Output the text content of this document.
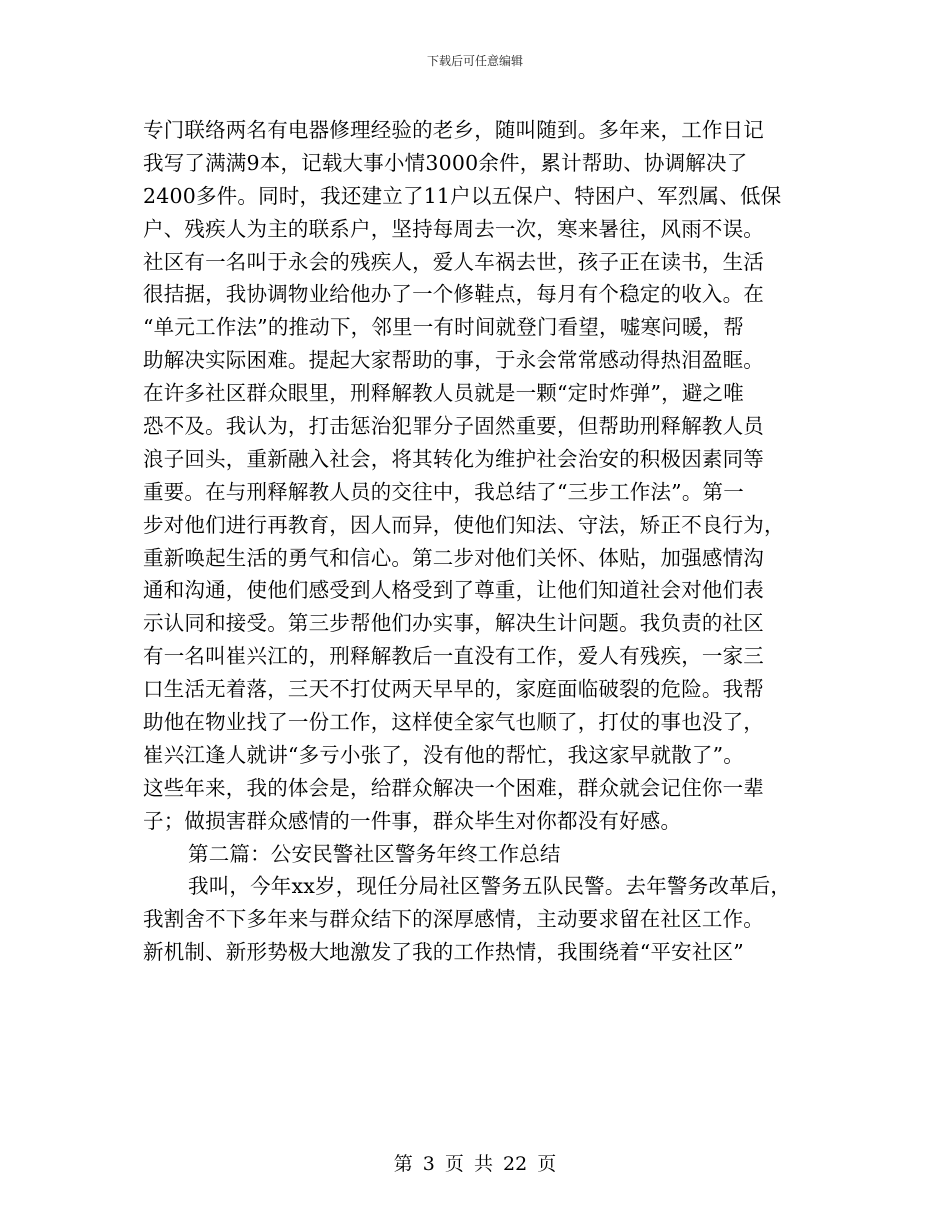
下载后可任意编辑
专门联络两名有电器修理经验的老乡，随叫随到。多年来，工作日记
我写了满满9本，记载大事小情3000余件，累计帮助、协调解决了
2400多件。同时，我还建立了11户以五保户、特困户、军烈属、低保
户、残疾人为主的联系户，坚持每周去一次，寒来暑往，风雨不误。
社区有一名叫于永会的残疾人，爱人车祸去世，孩子正在读书，生活
很拮据，我协调物业给他办了一个修鞋点，每月有个稳定的收入。在
“单元工作法”的推动下，邻里一有时间就登门看望，嘘寒问暖，帮
助解决实际困难。提起大家帮助的事，于永会常常感动得热泪盈眶。
在许多社区群众眼里，刑释解教人员就是一颗“定时炸弹”，避之唯
恐不及。我认为，打击惩治犯罪分子固然重要，但帮助刑释解教人员
浪子回头，重新融入社会，将其转化为维护社会治安的积极因素同等
重要。在与刑释解教人员的交往中，我总结了“三步工作法”。第一
步对他们进行再教育，因人而异，使他们知法、守法，矫正不良行为，
重新唤起生活的勇气和信心。第二步对他们关怀、体贴，加强感情沟
通和沟通，使他们感受到人格受到了尊重，让他们知道社会对他们表
示认同和接受。第三步帮他们办实事，解决生计问题。我负责的社区
有一名叫崔兴江的，刑释解教后一直没有工作，爱人有残疾，一家三
口生活无着落，三天不打仗两天早早的，家庭面临破裂的危险。我帮
助他在物业找了一份工作，这样使全家气也顺了，打仗的事也没了，
崔兴江逢人就讲“多亏小张了，没有他的帮忙，我这家早就散了”。
这些年来，我的体会是，给群众解决一个困难，群众就会记住你一辈
子；做损害群众感情的一件事，群众毕生对你都没有好感。
第二篇：公安民警社区警务年终工作总结
我叫，今年xx岁，现任分局社区警务五队民警。去年警务改革后，
我割舍不下多年来与群众结下的深厚感情，主动要求留在社区工作。
新机制、新形势极大地激发了我的工作热情，我围绕着“平安社区”
第 3 页 共 22 页
